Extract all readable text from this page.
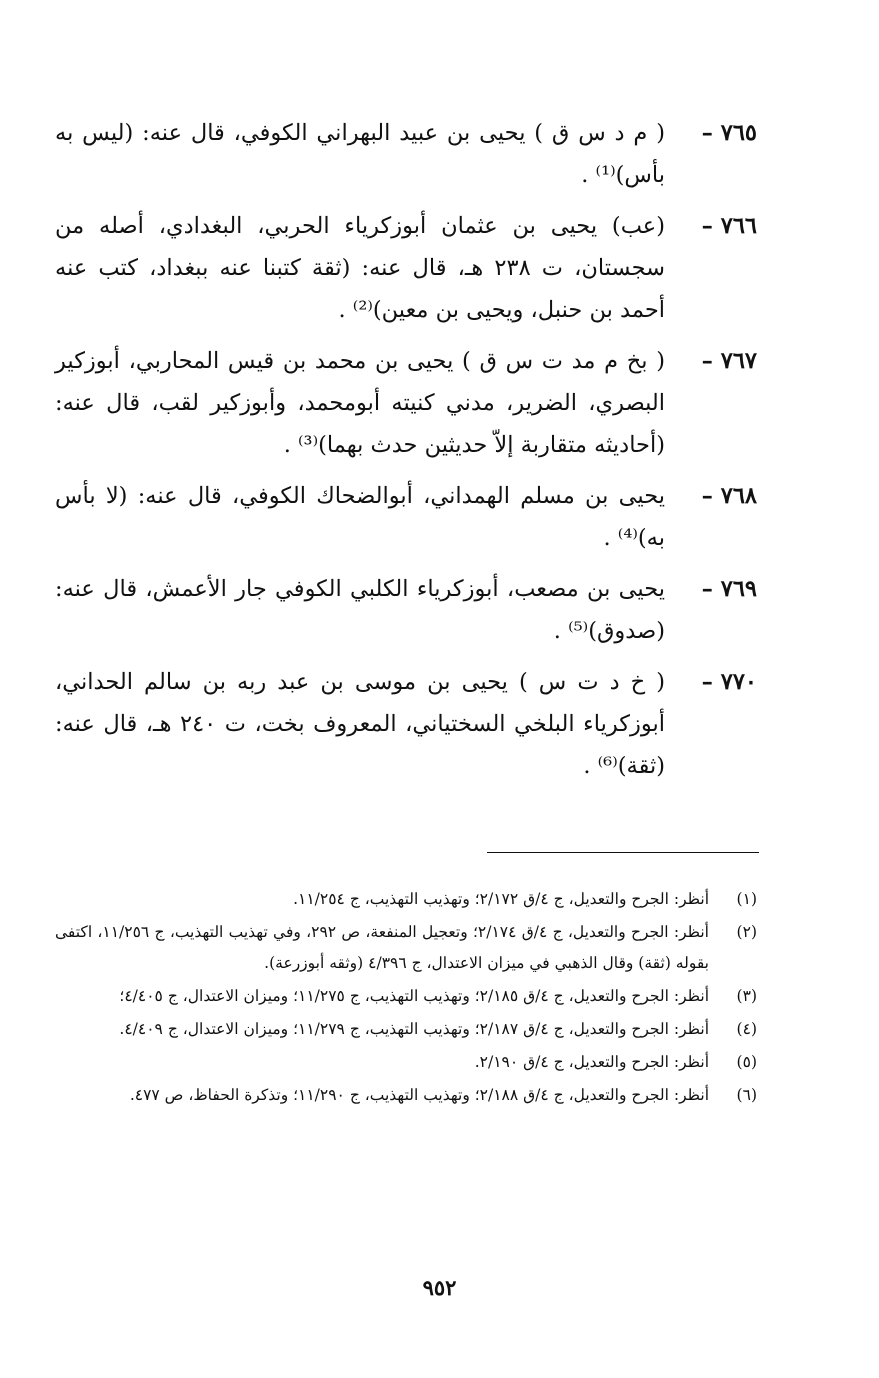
٧٦٥ –
( م د س ق ) يحيى بن عبيد البهراني الكوفي، قال عنه: (ليس به بأس)⁽¹⁾ .
٧٦٦ –
(عب) يحيى بن عثمان أبوزكرياء الحربي، البغدادي، أصله من سجستان، ت ٢٣٨ هـ، قال عنه: (ثقة كتبنا عنه ببغداد، كتب عنه أحمد بن حنبل، ويحيى بن معين)⁽²⁾ .
٧٦٧ –
( بخ م مد ت س ق ) يحيى بن محمد بن قيس المحاربي، أبوزكير البصري، الضرير، مدني كنيته أبومحمد، وأبوزكير لقب، قال عنه: (أحاديثه متقاربة إلاّ حديثين حدث بهما)⁽³⁾ .
٧٦٨ –
يحيى بن مسلم الهمداني، أبوالضحاك الكوفي، قال عنه: (لا بأس به)⁽⁴⁾ .
٧٦٩ –
يحيى بن مصعب، أبوزكرياء الكلبي الكوفي جار الأعمش، قال عنه: (صدوق)⁽⁵⁾ .
٧٧٠ –
( خ د ت س ) يحيى بن موسى بن عبد ربه بن سالم الحداني، أبوزكرياء البلخي السختياني، المعروف بخت، ت ٢٤٠ هـ، قال عنه: (ثقة)⁽⁶⁾ .
(١)
أنظر: الجرح والتعديل، ج ٤/ق ٢/١٧٢؛ وتهذيب التهذيب، ج ١١/٢٥٤.
(٢)
أنظر: الجرح والتعديل، ج ٤/ق ٢/١٧٤؛ وتعجيل المنفعة، ص ٢٩٢، وفي تهذيب التهذيب، ج ١١/٢٥٦، اكتفى بقوله (ثقة) وقال الذهبي في ميزان الاعتدال، ج ٤/٣٩٦ (وثقه أبوزرعة).
(٣)
أنظر: الجرح والتعديل، ج ٤/ق ٢/١٨٥؛ وتهذيب التهذيب، ج ١١/٢٧٥؛ وميزان الاعتدال، ج ٤/٤٠٥؛
(٤)
أنظر: الجرح والتعديل، ج ٤/ق ٢/١٨٧؛ وتهذيب التهذيب، ج ١١/٢٧٩؛ وميزان الاعتدال، ج ٤/٤٠٩.
(٥)
أنظر: الجرح والتعديل، ج ٤/ق ٢/١٩٠.
(٦)
أنظر: الجرح والتعديل، ج ٤/ق ٢/١٨٨؛ وتهذيب التهذيب، ج ١١/٢٩٠؛ وتذكرة الحفاظ، ص ٤٧٧.
٩٥٢
